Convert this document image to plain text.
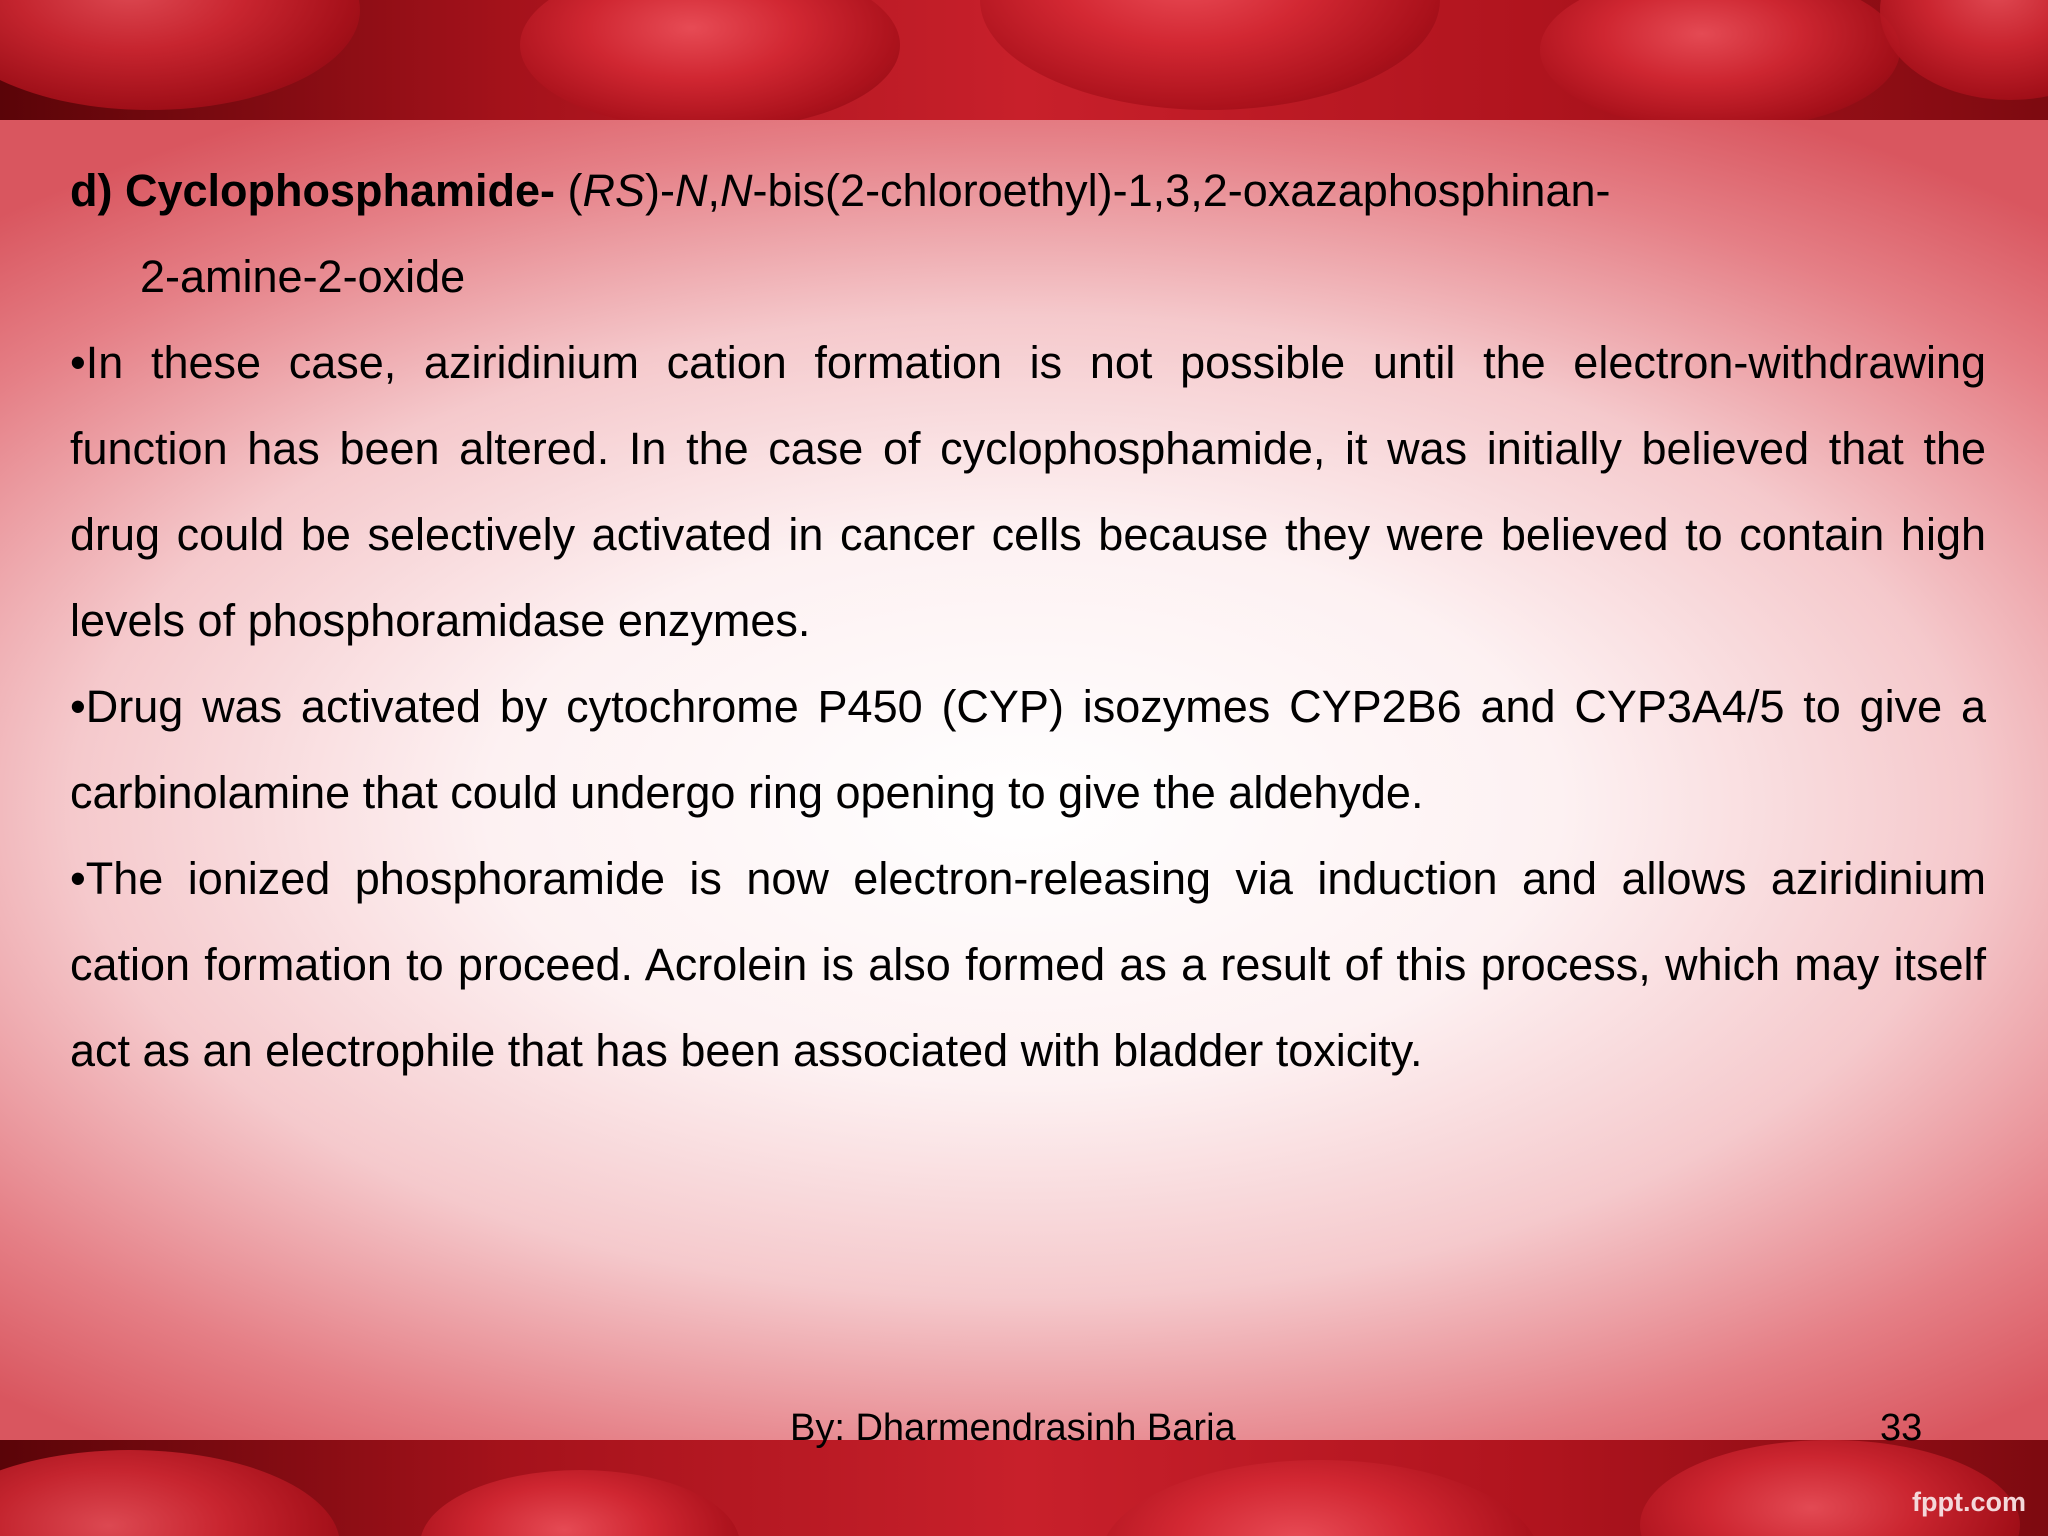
d) Cyclophosphamide- (RS)-N,N-bis(2-chloroethyl)-1,3,2-oxazaphosphinan-

2-amine-2-oxide

•In these case, aziridinium cation formation is not possible until the electron-withdrawing function has been altered. In the case of cyclophosphamide, it was initially believed that the drug could be selectively activated in cancer cells because they were believed to contain high levels of phosphoramidase enzymes.

•Drug was activated by cytochrome P450 (CYP) isozymes CYP2B6 and CYP3A4/5 to give a carbinolamine that could undergo ring opening to give the aldehyde.

•The ionized phosphoramide is now electron-releasing via induction and allows aziridinium cation formation to proceed. Acrolein is also formed as a result of this process, which may itself act as an electrophile that has been associated with bladder toxicity.

By: Dharmendrasinh Baria	33
fppt.com
